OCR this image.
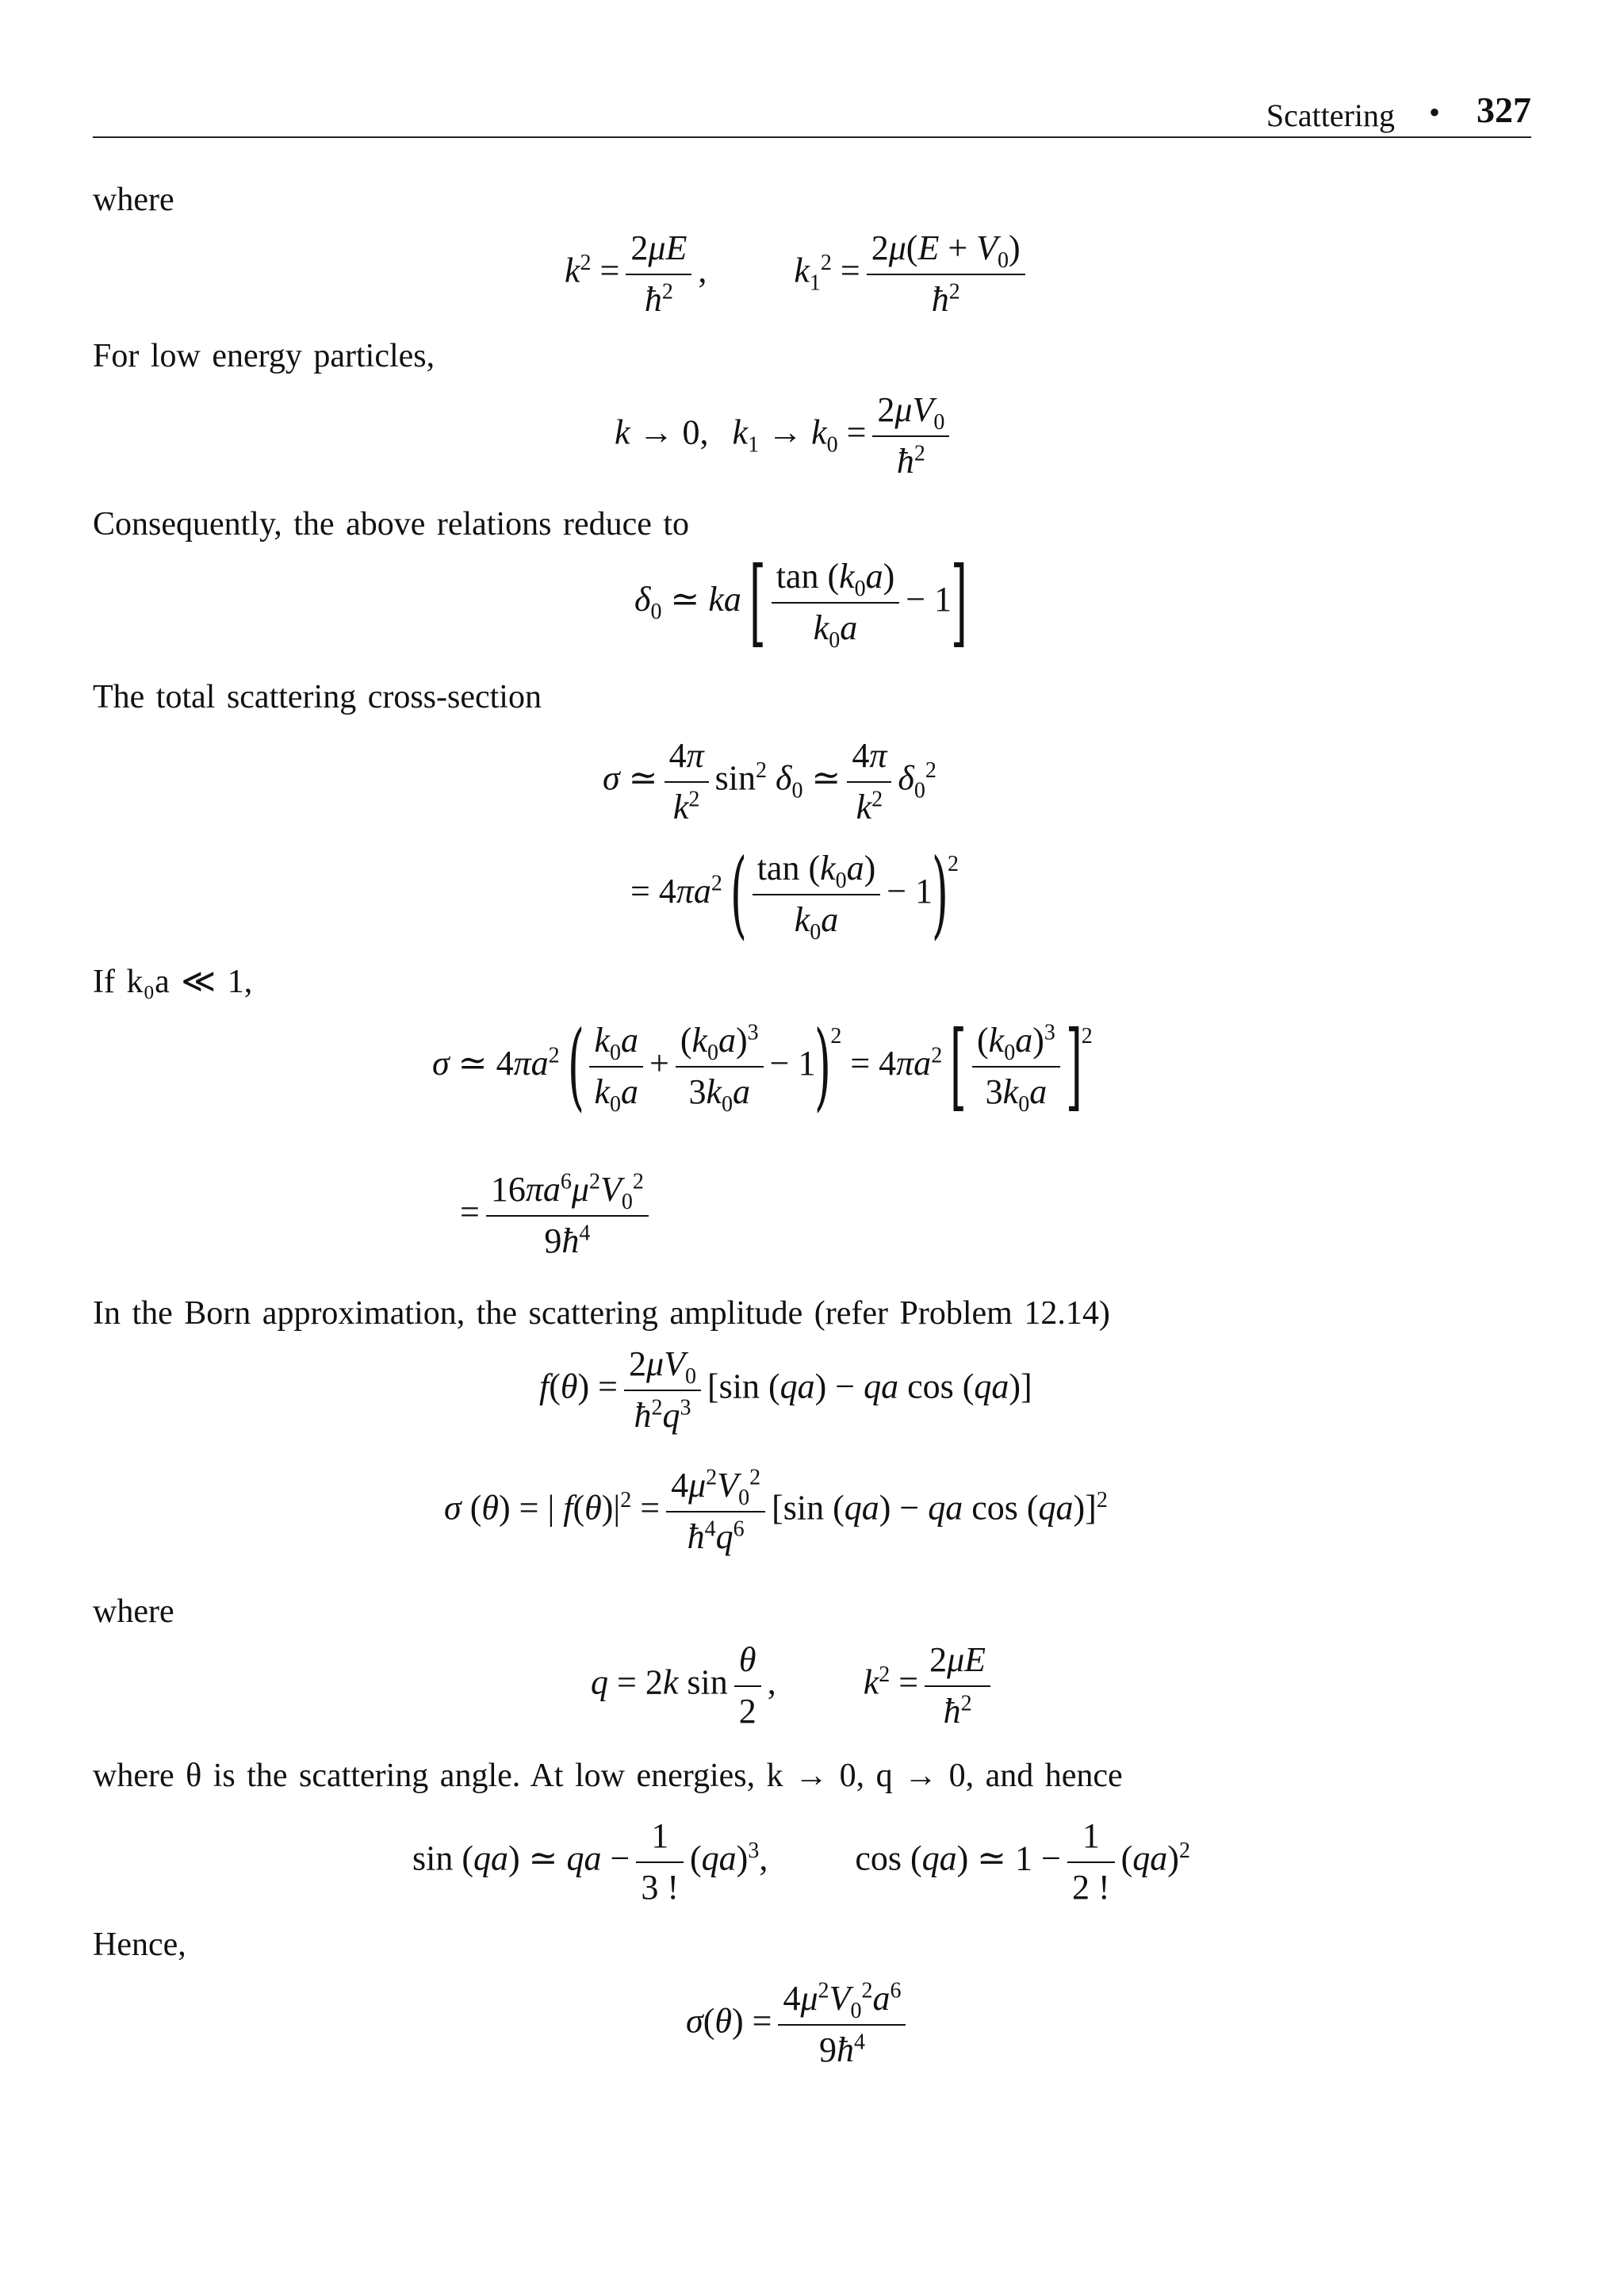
Scattering • 327
where
$k^2 = \frac{2\mu E}{ħ^2}$ ,	$k_1^2 = \frac{2\mu(E + V_0)}{ħ^2}$
For low energy particles,
k → 0, $k_1 \to k_0 = \frac{2\mu V_0}{ħ^2}$
Consequently, the above relations reduce to
$\delta_0$ ≃ ka [ $\frac{\tan (k_0a)}{k_0a} - 1$]
The total scattering cross-section
σ ≃ $\frac{4\pi}{k^2} \sin^2 \delta_0$ ≃ $\frac{4\pi}{k^2} \delta_0^2$
= $4\pi a^2$ ( $\frac{\tan (k_0a)}{k_0a} - 1)^2$
If k₀a ≪ 1,
σ ≃ $4\pi a^2$ ( $\frac{k_0a}{k_0a} + \frac{(k_0a)^3}{3k_0a} - 1)^2 = 4\pi a^2$ [ $\frac{(k_0a)^3}{3k_0a} ]^2$
= $\frac{16\pi a^6\mu^2V_0^2}{9ħ^4}$
In the Born approximation, the scattering amplitude (refer Problem 12.14)
$f(\theta) = \frac{2\mu V_0}{ħ^2q^3} [\sin$ (qa) − qa cos (qa)]
σ (θ) = | $f(\theta)|^2 = \frac{4\mu^2V_0^2}{ħ^4q^6} [\sin$ (qa) − qa cos (qa)]$^2$
where
q = 2k $\sin \frac{\theta}{2}$ ,	$k^2 = \frac{2\mu E}{ħ^2}$
where θ is the scattering angle. At low energies, k → 0, q → 0, and hence
sin (qa) ≃ qa − $\frac{1}{3 !} (qa)^3$,	cos (qa) ≃ $1 - \frac{1}{2 !} (qa)^2$
Hence,
$\sigma(\theta) = \frac{4\mu^2V_0^2a^6}{9ħ^4}$
